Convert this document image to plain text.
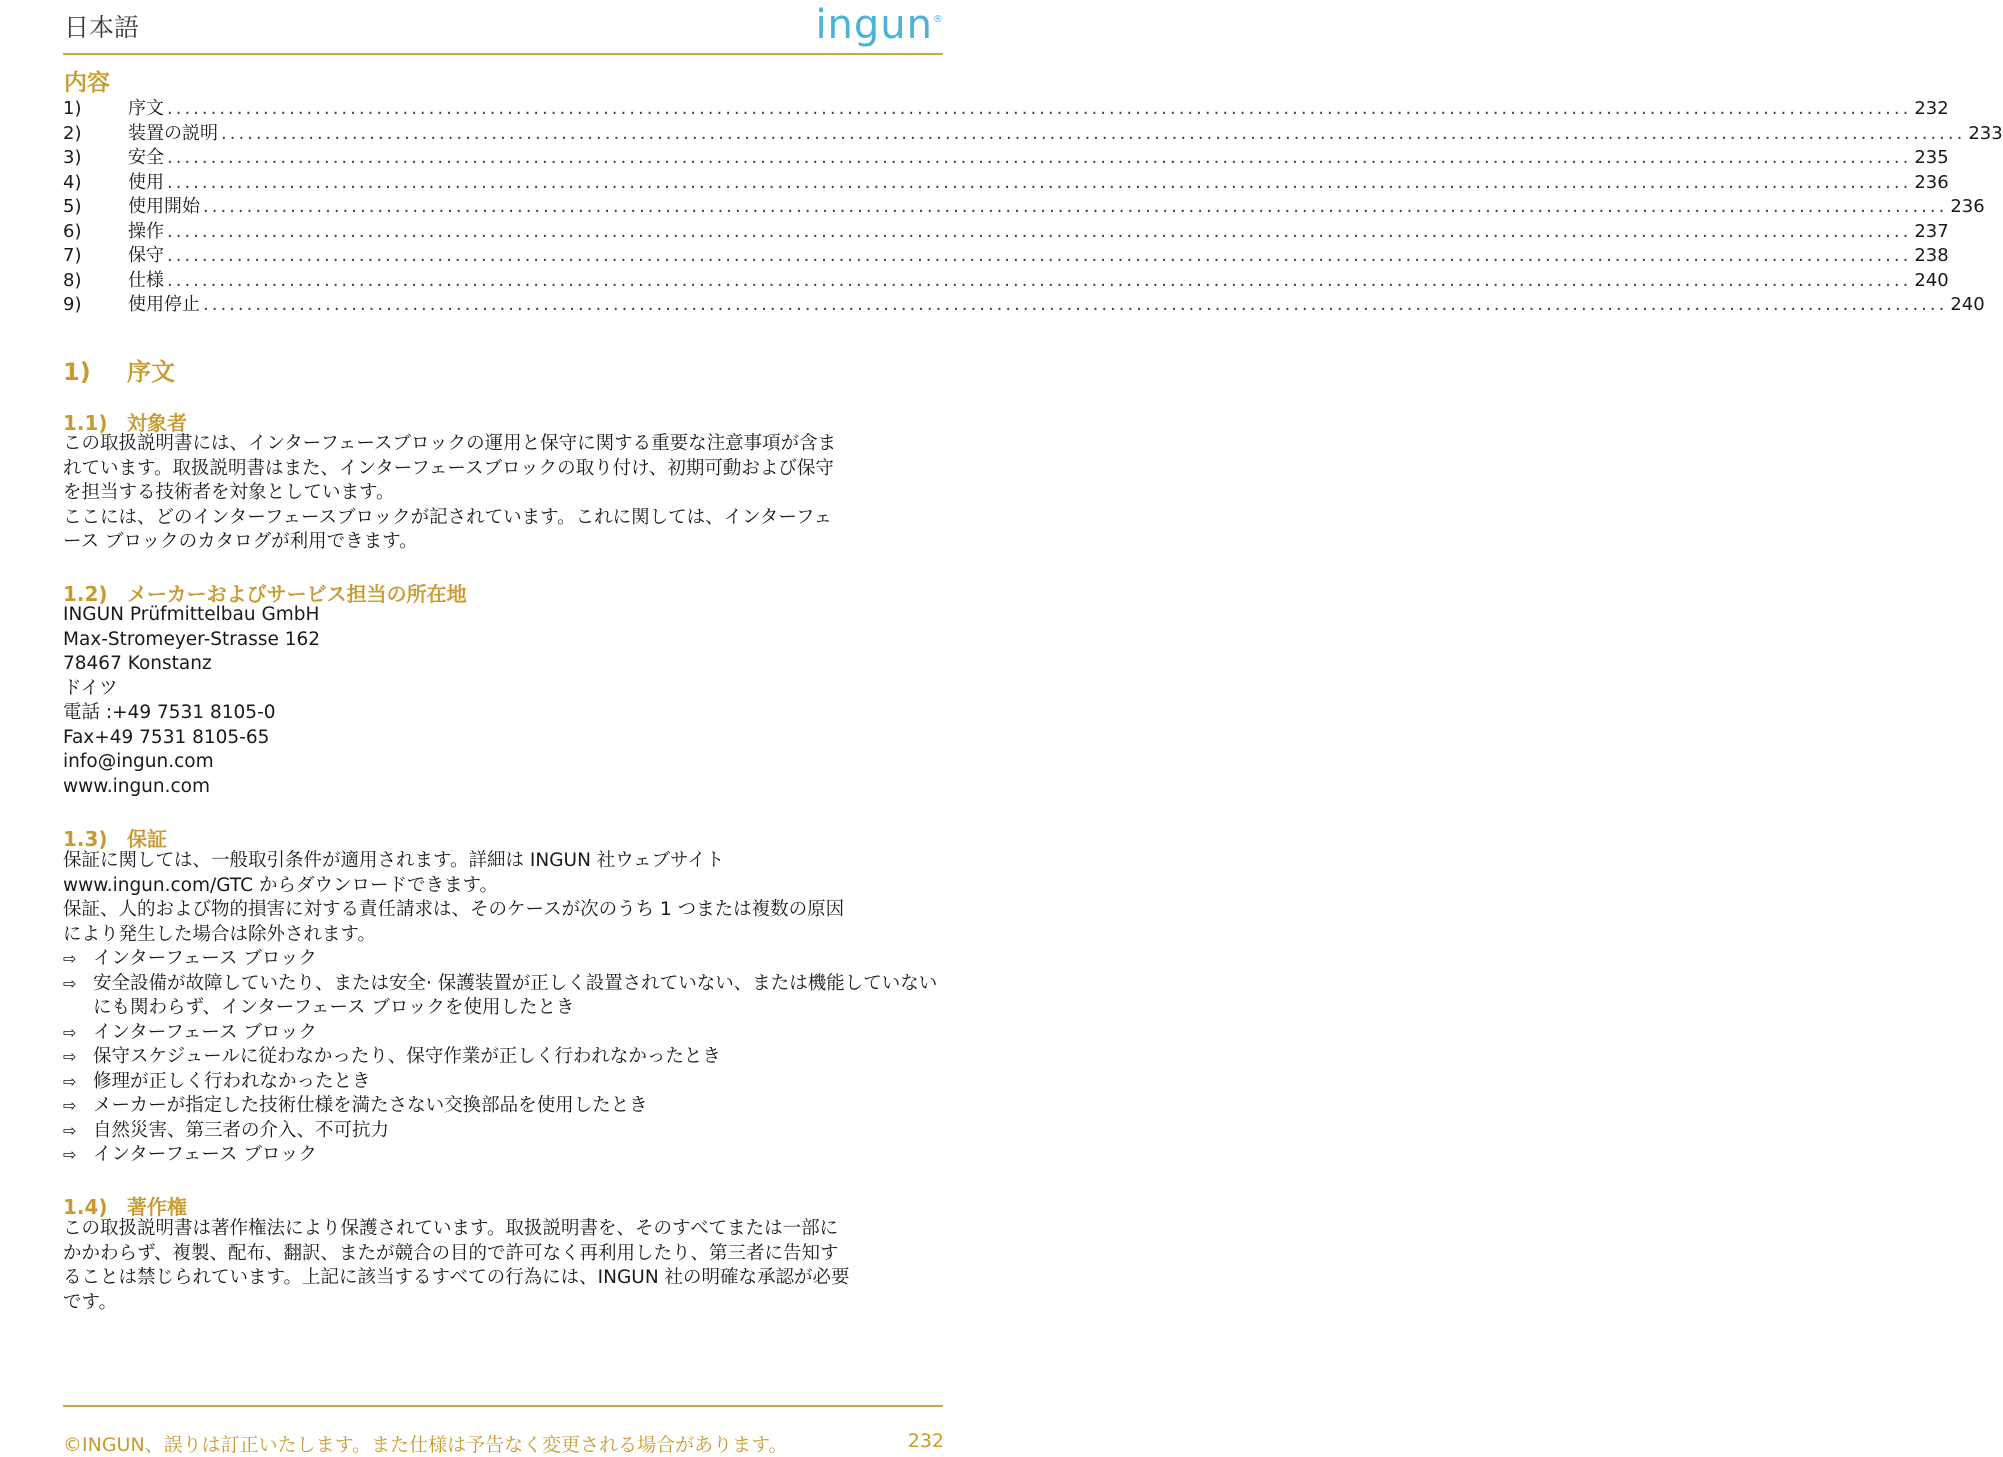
日本語	ingun®
内容
1)	序文 ........................................................................................................................................................................................................ 232
2)	装置の説明 ........................................................................................................................................................................................................ 233
3)	安全 ........................................................................................................................................................................................................ 235
4)	使用 ........................................................................................................................................................................................................ 236
5)	使用開始 ........................................................................................................................................................................................................ 236
6)	操作 ........................................................................................................................................................................................................ 237
7)	保守 ........................................................................................................................................................................................................ 238
8)	仕様 ........................................................................................................................................................................................................ 240
9)	使用停止 ........................................................................................................................................................................................................ 240
1) 序文
1.1) 対象者

この取扱説明書には、インターフェースブロックの運用と保守に関する重要な注意事項が含ま

れています。取扱説明書はまた、インターフェースブロックの取り付け、初期可動および保守

を担当する技術者を対象としています。

ここには、どのインターフェースブロックが記されています。これに関しては、インターフェ

ース ブロックのカタログが利用できます。

1.2) メーカーおよびサービス担当の所在地

INGUN Prüfmittelbau GmbH

Max-Stromeyer-Strasse 162

78467 Konstanz

ドイツ

電話 :+49 7531 8105-0

Fax+49 7531 8105-65

info@ingun.com

www.ingun.com

1.3) 保証

保証に関しては、一般取引条件が適用されます。詳細は INGUN 社ウェブサイト

www.ingun.com/GTC からダウンロードできます。

保証、人的および物的損害に対する責任請求は、そのケースが次のうち 1 つまたは複数の原因

により発生した場合は除外されます。

⇨ インターフェース ブロック
⇨ 安全設備が故障していたり、または安全· 保護装置が正しく設置されていない、または機能していないにも関わらず、インターフェース ブロックを使用したとき
⇨ インターフェース ブロック
⇨ 保守スケジュールに従わなかったり、保守作業が正しく行われなかったとき
⇨ 修理が正しく行われなかったとき
⇨ メーカーが指定した技術仕様を満たさない交換部品を使用したとき
⇨ 自然災害、第三者の介入、不可抗力
⇨ インターフェース ブロック
1.4) 著作権

この取扱説明書は著作権法により保護されています。取扱説明書を、そのすべてまたは一部に

かかわらず、複製、配布、翻訳、またが競合の目的で許可なく再利用したり、第三者に告知す

ることは禁じられています。上記に該当するすべての行為には、INGUN 社の明確な承認が必要

です。

©INGUN、誤りは訂正いたします。また仕様は予告なく変更される場合があります。	232
